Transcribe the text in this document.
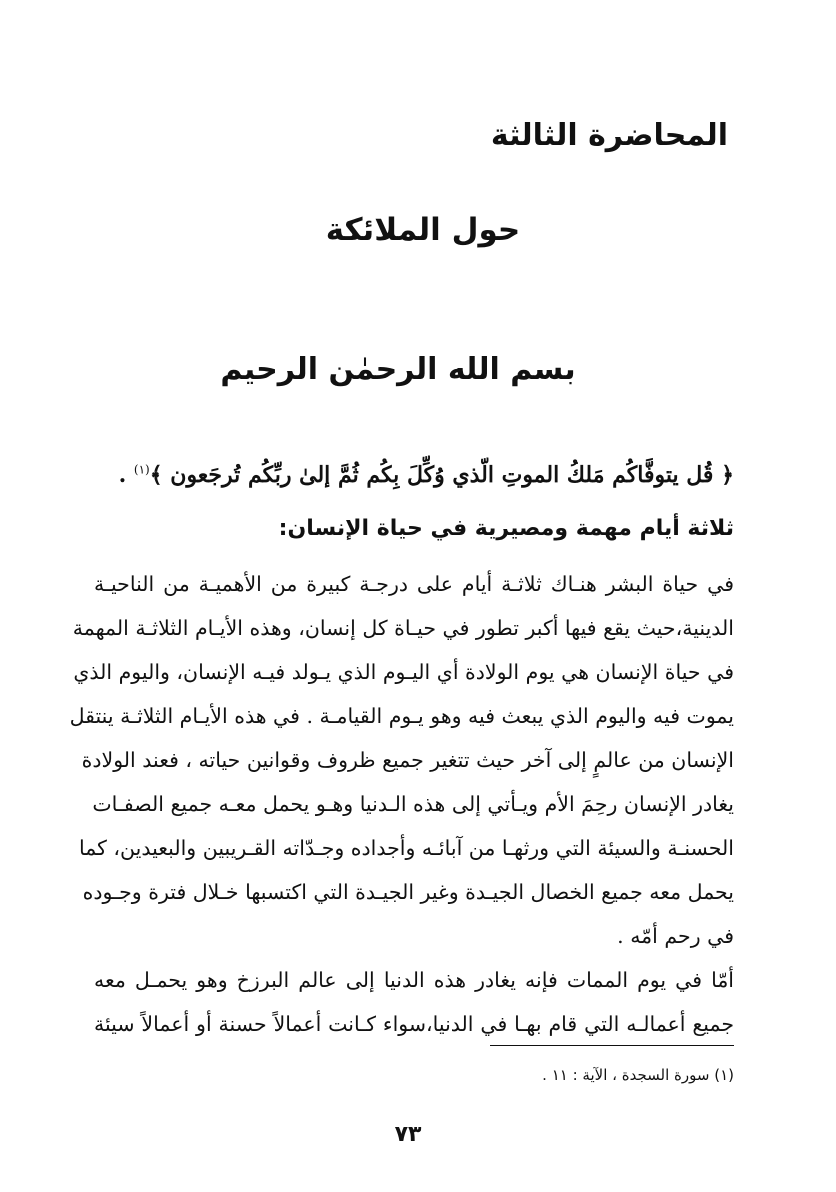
المحاضرة الثالثة
حول الملائكة
بسم الله الرحمٰن الرحيم
﴿ قُل يتوفَّاكُم مَلكُ الموتِ الّذي وُكِّلَ بِكُم ثُمَّ إلىٰ ربِّكُم تُرجَعون ﴾$^{(١)}$ .
ثلاثة أيام مهمة ومصيرية في حياة الإنسان:
في حياة البشر هنـاك ثلاثـة أيام على درجـة كبيرة من الأهميـة من الناحيـة
الدينية،حيث يقع فيها أكبر تطور في حيـاة كل إنسان، وهذه الأيـام الثلاثـة المهمة
في حياة الإنسان هي يوم الولادة أي اليـوم الذي يـولد فيـه الإنسان، واليوم الذي
يموت فيه واليوم الذي يبعث فيه وهو يـوم القيامـة . في هذه الأيـام الثلاثـة ينتقل
الإنسان من عالمٍ إلى آخر حيث تتغير جميع ظروف وقوانين حياته ، فعند الولادة
يغادر الإنسان رحِمَ الأم ويـأتي إلى هذه الـدنيا وهـو يحمل معـه جميع الصفـات
الحسنـة والسيئة التي ورثهـا من آبائـه وأجداده وجـدّاته القـريبين والبعيدين، كما
يحمل معه جميع الخصال الجيـدة وغير الجيـدة التي اكتسبها خـلال فترة وجـوده
في رحم أمّه .
أمّا في يوم الممات فإنه يغادر هذه الدنيا إلى عالم البرزخ وهو يحمـل معه
جميع أعمالـه التي قام بهـا في الدنيا،سواء كـانت أعمالاً حسنة أو أعمالاً سيئة
(١) سورة السجدة ، الآية : ١١ .
٧٣
